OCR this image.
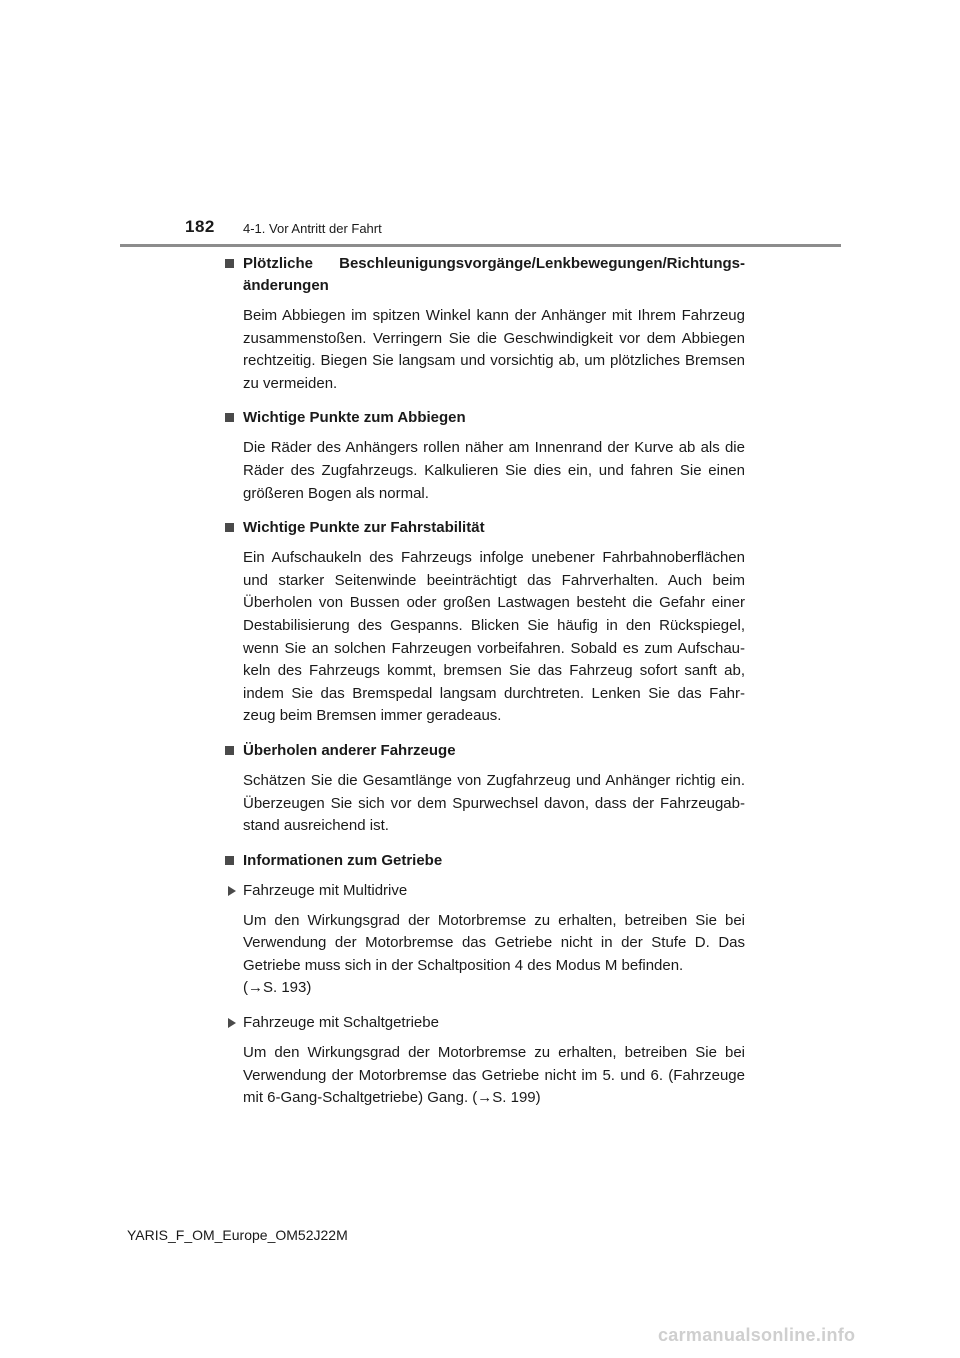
182 4-1. Vor Antritt der Fahrt
Plötzliche Beschleunigungsvorgänge/Lenkbewegungen/Richtungs-änderungen
Beim Abbiegen im spitzen Winkel kann der Anhänger mit Ihrem Fahrzeug zusammenstoßen. Verringern Sie die Geschwindigkeit vor dem Abbiegen rechtzeitig. Biegen Sie langsam und vorsichtig ab, um plötzliches Bremsen zu vermeiden.
Wichtige Punkte zum Abbiegen
Die Räder des Anhängers rollen näher am Innenrand der Kurve ab als die Räder des Zugfahrzeugs. Kalkulieren Sie dies ein, und fahren Sie einen größeren Bogen als normal.
Wichtige Punkte zur Fahrstabilität
Ein Aufschaukeln des Fahrzeugs infolge unebener Fahrbahnoberflächen und starker Seitenwinde beeinträchtigt das Fahrverhalten. Auch beim Überholen von Bussen oder großen Lastwagen besteht die Gefahr einer Destabilisierung des Gespanns. Blicken Sie häufig in den Rückspiegel, wenn Sie an solchen Fahrzeugen vorbeifahren. Sobald es zum Aufschau-keln des Fahrzeugs kommt, bremsen Sie das Fahrzeug sofort sanft ab, indem Sie das Bremspedal langsam durchtreten. Lenken Sie das Fahr-zeug beim Bremsen immer geradeaus.
Überholen anderer Fahrzeuge
Schätzen Sie die Gesamtlänge von Zugfahrzeug und Anhänger richtig ein. Überzeugen Sie sich vor dem Spurwechsel davon, dass der Fahrzeugab-stand ausreichend ist.
Informationen zum Getriebe
Fahrzeuge mit Multidrive
Um den Wirkungsgrad der Motorbremse zu erhalten, betreiben Sie bei Verwendung der Motorbremse das Getriebe nicht in der Stufe D. Das Getriebe muss sich in der Schaltposition 4 des Modus M befinden.
(→S. 193)
Fahrzeuge mit Schaltgetriebe
Um den Wirkungsgrad der Motorbremse zu erhalten, betreiben Sie bei Verwendung der Motorbremse das Getriebe nicht im 5. und 6. (Fahrzeuge mit 6-Gang-Schaltgetriebe) Gang. (→S. 199)
YARIS_F_OM_Europe_OM52J22M
carmanualsonline.info
